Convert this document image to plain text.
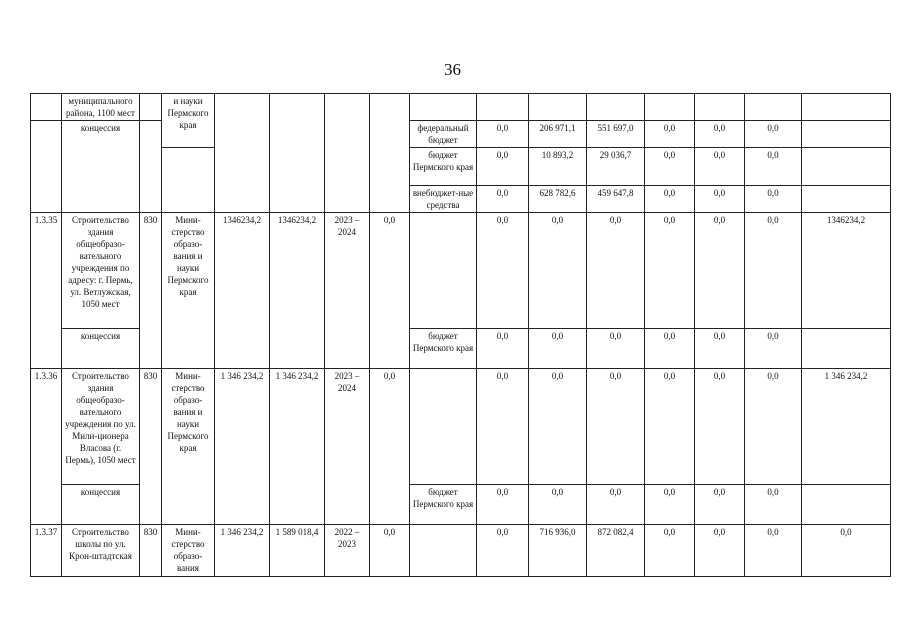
36
	муниципального района, 1100 мест		и науки Пермского края												
	концессия							федеральный бюджет	0,0	206 971,1	551 697,0	0,0	0,0	0,0	
								бюджет Пермского края	0,0	10 893,2	29 036,7	0,0	0,0	0,0	
								внебюджет-ные средства	0,0	628 782,6	459 647,8	0,0	0,0	0,0	
1.3.35	Строительство здания общеобразо-вательного учреждения по адресу: г. Пермь, ул. Ветлужская, 1050 мест	830	Мини-стерство образо-вания и науки Пермского края	1346234,2	1346234,2	2023 – 2024	0,0		0,0	0,0	0,0	0,0	0,0	0,0	1346234,2
	концессия							бюджет Пермского края	0,0	0,0	0,0	0,0	0,0	0,0	
1.3.36	Строительство здания общеобразо-вательного учреждения по ул. Мили-ционера Власова (г. Пермь), 1050 мест	830	Мини-стерство образо-вания и науки Пермского края	1 346 234,2	1 346 234,2	2023 – 2024	0,0		0,0	0,0	0,0	0,0	0,0	0,0	1 346 234,2
	концессия							бюджет Пермского края	0,0	0,0	0,0	0,0	0,0	0,0	
1.3.37	Строительство школы по ул. Крон-штадтская	830	Мини-стерство образо-вания	1 346 234,2	1 589 018,4	2022 – 2023	0,0		0,0	716 936,0	872 082,4	0,0	0,0	0,0	0,0
